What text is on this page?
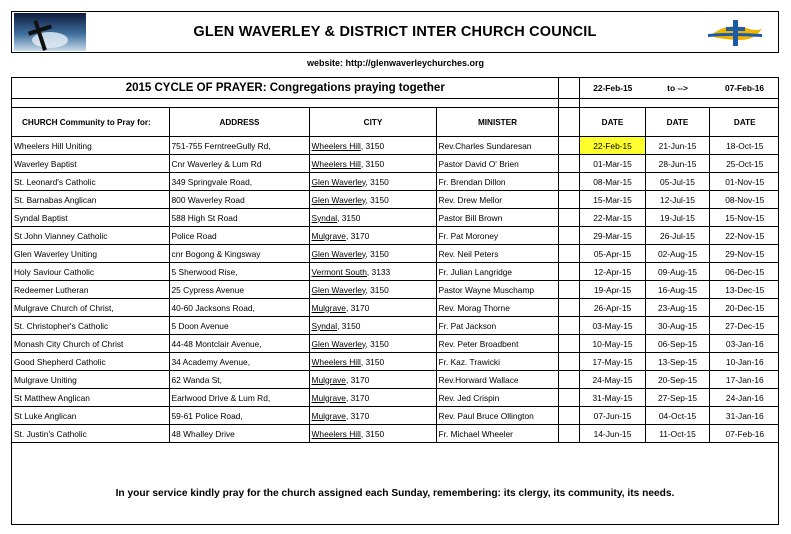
GLEN WAVERLEY & DISTRICT INTER CHURCH COUNCIL
website: http://glenwaverleychurches.org
2015 CYCLE OF PRAYER: Congregations praying together					22-Feb-15	to -->	07-Feb-16

CHURCH Community to Pray for:	ADDRESS	CITY	MINISTER		DATE	DATE	DATE
Wheelers Hill Uniting	751-755 FerntreeGully Rd,	Wheelers Hill, 3150	Rev.Charles Sundaresan		22-Feb-15	21-Jun-15	18-Oct-15
Waverley Baptist	Cnr Waverley & Lum Rd	Wheelers Hill, 3150	Pastor David O' Brien		01-Mar-15	28-Jun-15	25-Oct-15
St. Leonard's Catholic	349 Springvale Road,	Glen Waverley, 3150	Fr. Brendan Dillon		08-Mar-15	05-Jul-15	01-Nov-15
St. Barnabas Anglican	800 Waverley Road	Glen Waverley, 3150	Rev. Drew Mellor		15-Mar-15	12-Jul-15	08-Nov-15
Syndal Baptist	588 High St Road	Syndal, 3150	Pastor Bill Brown		22-Mar-15	19-Jul-15	15-Nov-15
St John Vianney Catholic	Police Road	Mulgrave, 3170	Fr. Pat Moroney		29-Mar-15	26-Jul-15	22-Nov-15
Glen Waverley Uniting	cnr Bogong & Kingsway	Glen Waverley, 3150	Rev. Neil Peters		05-Apr-15	02-Aug-15	29-Nov-15
Holy Saviour Catholic	5 Sherwood Rise,	Vermont South, 3133	Fr. Julian Langridge		12-Apr-15	09-Aug-15	06-Dec-15
Redeemer Lutheran	25 Cypress Avenue	Glen Waverley, 3150	Pastor Wayne Muschamp		19-Apr-15	16-Aug-15	13-Dec-15
Mulgrave Church of Christ,	40-60 Jacksons Road,	Mulgrave, 3170	Rev. Morag Thorne		26-Apr-15	23-Aug-15	20-Dec-15
St. Christopher's Catholic	5 Doon Avenue	Syndal, 3150	Fr. Pat Jackson		03-May-15	30-Aug-15	27-Dec-15
Monash City Church of Christ	44-48 Montclair Avenue,	Glen Waverley, 3150	Rev. Peter Broadbent		10-May-15	06-Sep-15	03-Jan-16
Good Shepherd Catholic	34 Academy Avenue,	Wheelers Hill, 3150	Fr. Kaz. Trawicki		17-May-15	13-Sep-15	10-Jan-16
Mulgrave Uniting	62 Wanda St,	Mulgrave, 3170	Rev.Horward Wallace		24-May-15	20-Sep-15	17-Jan-16
St Matthew Anglican	Earlwood Drive & Lum Rd,	Mulgrave, 3170	Rev. Jed Crispin		31-May-15	27-Sep-15	24-Jan-16
St Luke Anglican	59-61 Police Road,	Mulgrave, 3170	Rev. Paul Bruce Ollington		07-Jun-15	04-Oct-15	31-Jan-16
St. Justin's Catholic	48 Whalley Drive	Wheelers Hill, 3150	Fr. Michael Wheeler		14-Jun-15	11-Oct-15	07-Feb-16
In your service kindly pray for the church assigned each Sunday, remembering: its clergy, its community, its needs.
